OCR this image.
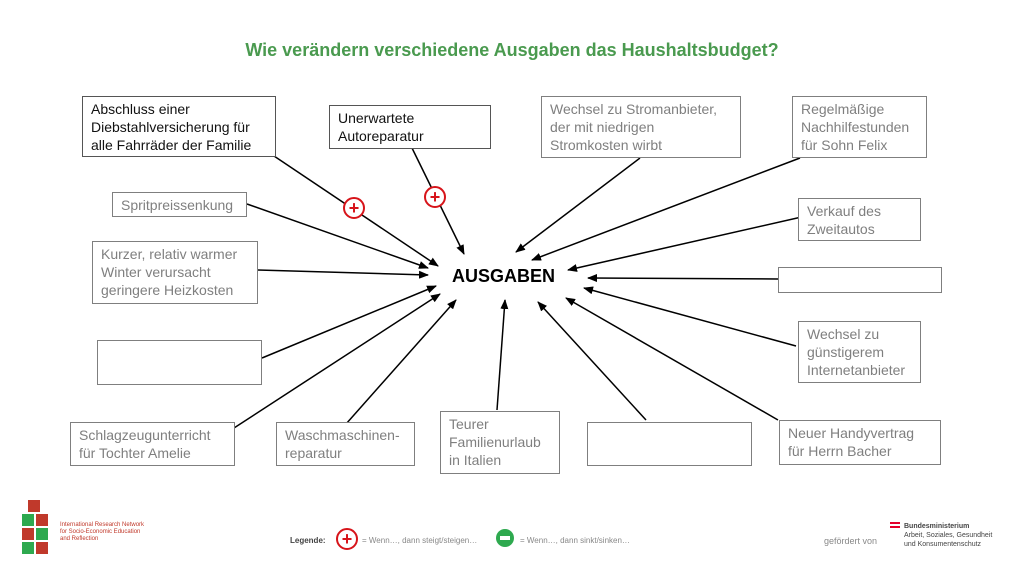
Wie verändern verschiedene Ausgaben das Haushaltsbudget?
Abschluss einer
Diebstahlversicherung für
alle Fahrräder der Familie
Unerwartete
Autoreparatur
Wechsel zu Stromanbieter,
der mit niedrigen
Stromkosten wirbt
Regelmäßige
Nachhilfestunden
für Sohn Felix
Spritpreissenkung	Verkauf des
Zweitautos
Kurzer, relativ warmer
Winter verursacht
geringere Heizkosten
Wechsel zu
günstigerem
Internetanbieter
Schlagzeugunterricht
für Tochter Amelie
Waschmaschinen-
reparatur
Teurer
Familienurlaub
in Italien
Neuer Handyvertrag
für Herrn Bacher
AUSGABEN
+
+
International Research Network
for Socio-Economic Education
and Reflection	Legende: +	= Wenn…, dann steigt/steigen…	= Wenn…, dann sinkt/sinken…	gefördert von
Bundesministerium
Arbeit, Soziales, Gesundheit
und Konsumentenschutz
